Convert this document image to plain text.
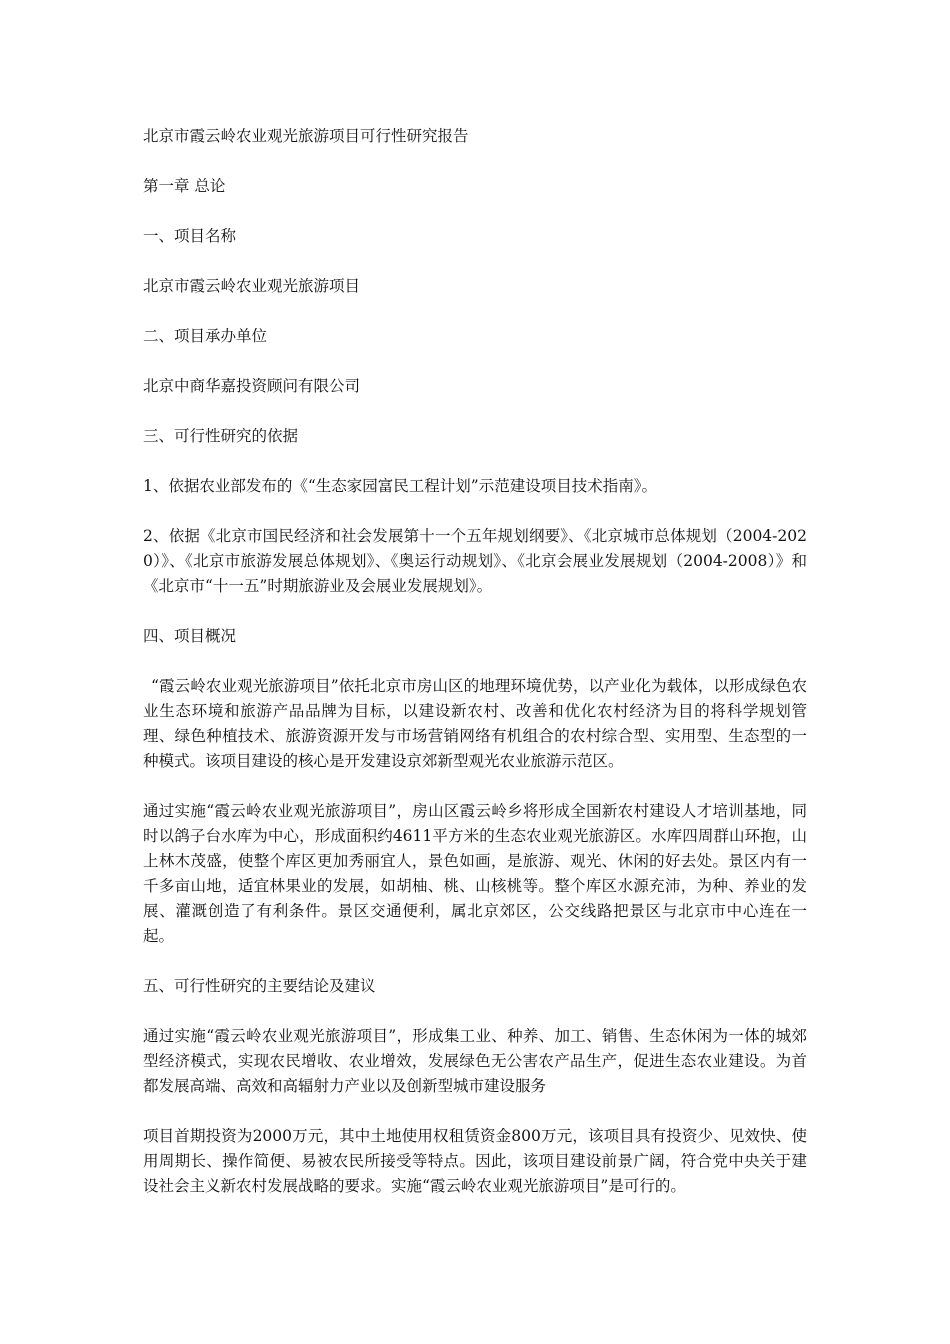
北京市霞云岭农业观光旅游项目可行性研究报告

第一章 总论

一、项目名称

北京市霞云岭农业观光旅游项目

二、项目承办单位

北京中商华嘉投资顾问有限公司

三、可行性研究的依据

1、依据农业部发布的《“生态家园富民工程计划”示范建设项目技术指南》。

2、依据《北京市国民经济和社会发展第十一个五年规划纲要》、《北京城市总体规划（2004-2020）》、《北京市旅游发展总体规划》、《奥运行动规划》、《北京会展业发展规划（2004-2008）》和《北京市“十一五”时期旅游业及会展业发展规划》。

四、项目概况

“霞云岭农业观光旅游项目”依托北京市房山区的地理环境优势，以产业化为载体，以形成绿色农业生态环境和旅游产品品牌为目标，以建设新农村、改善和优化农村经济为目的将科学规划管理、绿色种植技术、旅游资源开发与市场营销网络有机组合的农村综合型、实用型、生态型的一种模式。该项目建设的核心是开发建设京郊新型观光农业旅游示范区。

通过实施“霞云岭农业观光旅游项目”，房山区霞云岭乡将形成全国新农村建设人才培训基地，同时以鸽子台水库为中心，形成面积约4611平方米的生态农业观光旅游区。水库四周群山环抱，山上林木茂盛，使整个库区更加秀丽宜人，景色如画，是旅游、观光、休闲的好去处。景区内有一千多亩山地，适宜林果业的发展，如胡柚、桃、山核桃等。整个库区水源充沛，为种、养业的发展、灌溉创造了有利条件。景区交通便利，属北京郊区，公交线路把景区与北京市中心连在一起。

五、可行性研究的主要结论及建议

通过实施“霞云岭农业观光旅游项目”，形成集工业、种养、加工、销售、生态休闲为一体的城郊型经济模式，实现农民增收、农业增效，发展绿色无公害农产品生产，促进生态农业建设。为首都发展高端、高效和高辐射力产业以及创新型城市建设服务

项目首期投资为2000万元，其中土地使用权租赁资金800万元，该项目具有投资少、见效快、使用周期长、操作简便、易被农民所接受等特点。因此，该项目建设前景广阔，符合党中央关于建设社会主义新农村发展战略的要求。实施“霞云岭农业观光旅游项目”是可行的。
